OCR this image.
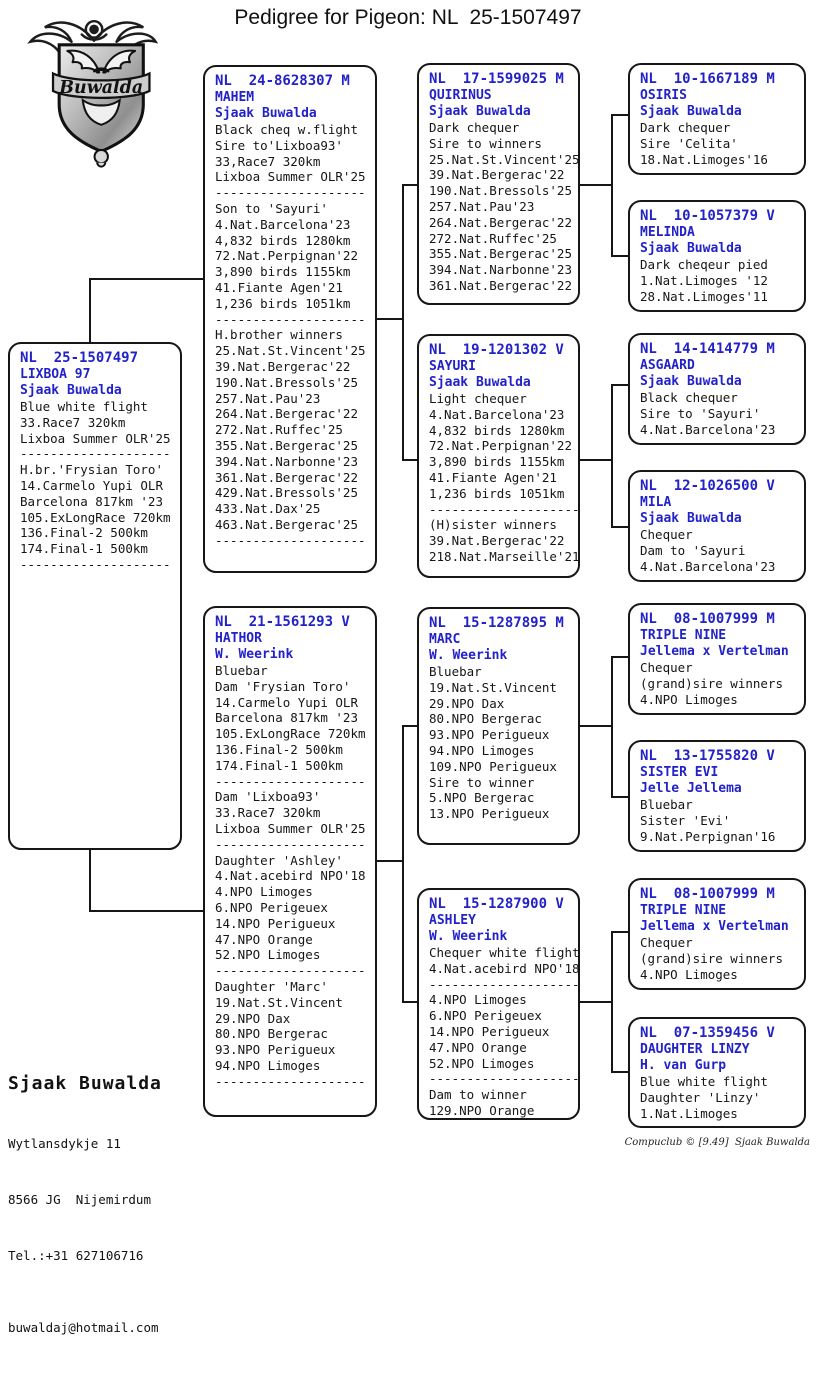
Pedigree for Pigeon: NL  25-1507497
Buwalda
NL  25-1507497
LIXBOA 97
Sjaak Buwalda
Blue white flight
33.Race7 320km
Lixboa Summer OLR'25
--------------------
H.br.'Frysian Toro'
14.Carmelo Yupi OLR
Barcelona 817km '23
105.ExLongRace 720km
136.Final-2 500km
174.Final-1 500km
--------------------
NL  24-8628307 M
MAHEM
Sjaak Buwalda
Black cheq w.flight
Sire to'Lixboa93'
33,Race7 320km
Lixboa Summer OLR'25
--------------------
Son to 'Sayuri'
4.Nat.Barcelona'23
4,832 birds 1280km
72.Nat.Perpignan'22
3,890 birds 1155km
41.Fiante Agen'21
1,236 birds 1051km
--------------------
H.brother winners
25.Nat.St.Vincent'25
39.Nat.Bergerac'22
190.Nat.Bressols'25
257.Nat.Pau'23
264.Nat.Bergerac'22
272.Nat.Ruffec'25
355.Nat.Bergerac'25
394.Nat.Narbonne'23
361.Nat.Bergerac'22
429.Nat.Bressols'25
433.Nat.Dax'25
463.Nat.Bergerac'25
--------------------
NL  21-1561293 V
HATHOR
W. Weerink
Bluebar
Dam 'Frysian Toro'
14.Carmelo Yupi OLR
Barcelona 817km '23
105.ExLongRace 720km
136.Final-2 500km
174.Final-1 500km
--------------------
Dam 'Lixboa93'
33.Race7 320km
Lixboa Summer OLR'25
--------------------
Daughter 'Ashley'
4.Nat.acebird NPO'18
4.NPO Limoges
6.NPO Perigeuex
14.NPO Perigueux
47.NPO Orange
52.NPO Limoges
--------------------
Daughter 'Marc'
19.Nat.St.Vincent
29.NPO Dax
80.NPO Bergerac
93.NPO Perigueux
94.NPO Limoges
--------------------
NL  17-1599025 M
QUIRINUS
Sjaak Buwalda
Dark chequer
Sire to winners
25.Nat.St.Vincent'25
39.Nat.Bergerac'22
190.Nat.Bressols'25
257.Nat.Pau'23
264.Nat.Bergerac'22
272.Nat.Ruffec'25
355.Nat.Bergerac'25
394.Nat.Narbonne'23
361.Nat.Bergerac'22
NL  19-1201302 V
SAYURI
Sjaak Buwalda
Light chequer
4.Nat.Barcelona'23
4,832 birds 1280km
72.Nat.Perpignan'22
3,890 birds 1155km
41.Fiante Agen'21
1,236 birds 1051km
--------------------
(H)sister winners
39.Nat.Bergerac'22
218.Nat.Marseille'21
NL  15-1287895 M
MARC
W. Weerink
Bluebar
19.Nat.St.Vincent
29.NPO Dax
80.NPO Bergerac
93.NPO Perigueux
94.NPO Limoges
109.NPO Perigueux
Sire to winner
5.NPO Bergerac
13.NPO Perigueux
NL  15-1287900 V
ASHLEY
W. Weerink
Chequer white flight
4.Nat.acebird NPO'18
--------------------
4.NPO Limoges
6.NPO Perigeuex
14.NPO Perigueux
47.NPO Orange
52.NPO Limoges
--------------------
Dam to winner
129.NPO Orange
NL  10-1667189 M
OSIRIS
Sjaak Buwalda
Dark chequer
Sire 'Celita'
18.Nat.Limoges'16
NL  10-1057379 V
MELINDA
Sjaak Buwalda
Dark cheqeur pied
1.Nat.Limoges '12
28.Nat.Limoges'11
NL  14-1414779 M
ASGAARD
Sjaak Buwalda
Black chequer
Sire to 'Sayuri'
4.Nat.Barcelona'23
NL  12-1026500 V
MILA
Sjaak Buwalda
Chequer
Dam to 'Sayuri
4.Nat.Barcelona'23
NL  08-1007999 M
TRIPLE NINE
Jellema x Vertelman
Chequer
(grand)sire winners
4.NPO Limoges
NL  13-1755820 V
SISTER EVI
Jelle Jellema
Bluebar
Sister 'Evi'
9.Nat.Perpignan'16
NL  08-1007999 M
TRIPLE NINE
Jellema x Vertelman
Chequer
(grand)sire winners
4.NPO Limoges
NL  07-1359456 V
DAUGHTER LINZY
H. van Gurp
Blue white flight
Daughter 'Linzy'
1.Nat.Limoges

Sjaak Buwalda

Wytlansdykje 11

8566 JG  Nijemirdum

Tel.:+31 627106716

buwaldaj@hotmail.com

Compuclub © [9.49]  Sjaak Buwalda
